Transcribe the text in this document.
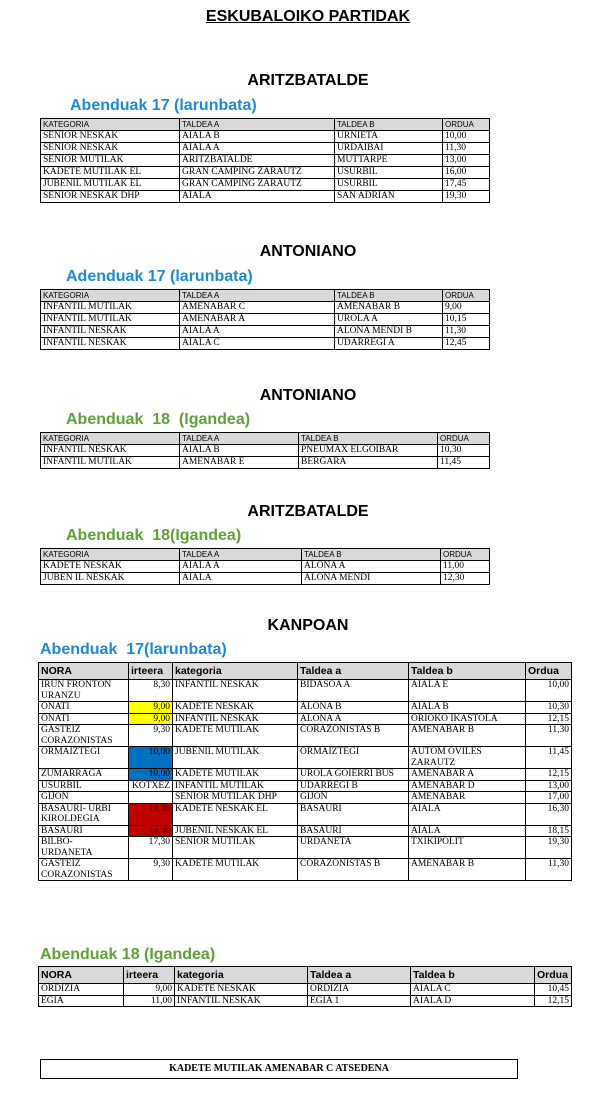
ESKUBALOIKO PARTIDAK
ARITZBATALDE
Abenduak 17 (larunbata)
KATEGORIA	TALDEA A	TALDEA B	ORDUA
SENIOR NESKAK	AIALA B	URNIETA	10,00
SENIOR NESKAK	AIALA A	URDAIBAI	11,30
SENIOR MUTILAK	ARITZBATALDE	MUTTARPE	13,00
KADETE MUTILAK EL	GRAN CAMPING ZARAUTZ	USURBIL	16,00
JUBENIL MUTILAK EL	GRAN CAMPING ZARAUTZ	USURBIL	17,45
SENIOR NESKAK DHP	AIALA	SAN ADRIAN	19,30
ANTONIANO
Adenduak 17 (larunbata)
KATEGORIA	TALDEA A	TALDEA B	ORDUA
INFANTIL MUTILAK	AMENABAR C	AMENABAR B	9,00
INFANTIL MUTILAK	AMENABAR A	UROLA A	10,15
INFANTIL NESKAK	AIALA A	ALOÑA MENDI B	11,30
INFANTIL NESKAK	AIALA C	UDARREGI A	12,45
ANTONIANO
Abenduak  18  (Igandea)
KATEGORIA	TALDEA A	TALDEA B	ORDUA
INFANTIL NESKAK	AIALA B	PNEUMAX ELGOIBAR	10,30
INFANTIL MUTILAK	AMENABAR E	BERGARA	11,45
ARITZBATALDE
Abenduak  18(Igandea)
KATEGORIA	TALDEA A	TALDEA B	ORDUA
KADETE NESKAK	AIALA A	ALOÑA A	11,00
JUBEN IL NESKAK	AIALA	ALOÑA MENDI	12,30
KANPOAN
Abenduak  17(larunbata)
NORA	irteera	kategoria	Taldea a	Taldea b	Ordua
IRUN FRONTON URANZU	8,30	INFANTIL NESKAK	BIDASOA A	AIALA E	10,00
OÑATI	9,00	KADETE NESKAK	ALOÑA B	AIALA B	10,30
OÑATI	9,00	INFANTIL NESKAK	ALOÑA A	ORIOKO IKASTOLA	12,15
GASTEIZ CORAZONISTAS	9,30	KADETE MUTILAK	CORAZONISTAS B	AMENABAR B	11,30
ORMAIZTEGI	10,00	JUBENIL MUTILAK	ORMAIZTEGI	AUTOM OVILES ZARAUTZ	11,45
ZUMARRAGA	10,00	KADETE MUTILAK	UROLA GOIERRI BUS	AMENABAR A	12,15
USURBIL	KOTXEZ	INFANTIL MUTILAK	UDARREGI B	AMENABAR D	13,00
GIJON		SENIOR MUTILAK DHP	GIJON	AMENABAR	17,00
BASAURI- URBI KIROLDEGIA	14,30	KADETE NESKAK EL	BASAURI	AIALA	16,30
BASAURI	14,30	JUBENIL NESKAK EL	BASAURI	AIALA	18,15
BILBO- URDANETA	17,30	SENIOR MUTILAK	URDANETA	TXIKIPOLIT	19,30
GASTEIZ CORAZONISTAS	9,30	KADETE MUTILAK	CORAZONISTAS B	AMENABAR B	11,30
Abenduak 18 (Igandea)
NORA	irteera	kategoria	Taldea a	Taldea b	Ordua
ORDIZIA	9,00	KADETE NESKAK	ORDIZIA	AIALA C	10,45
EGIA	11,00	INFANTIL NESKAK	EGIA 1	AIALA D	12,15
KADETE MUTILAK AMENABAR C ATSEDENA
